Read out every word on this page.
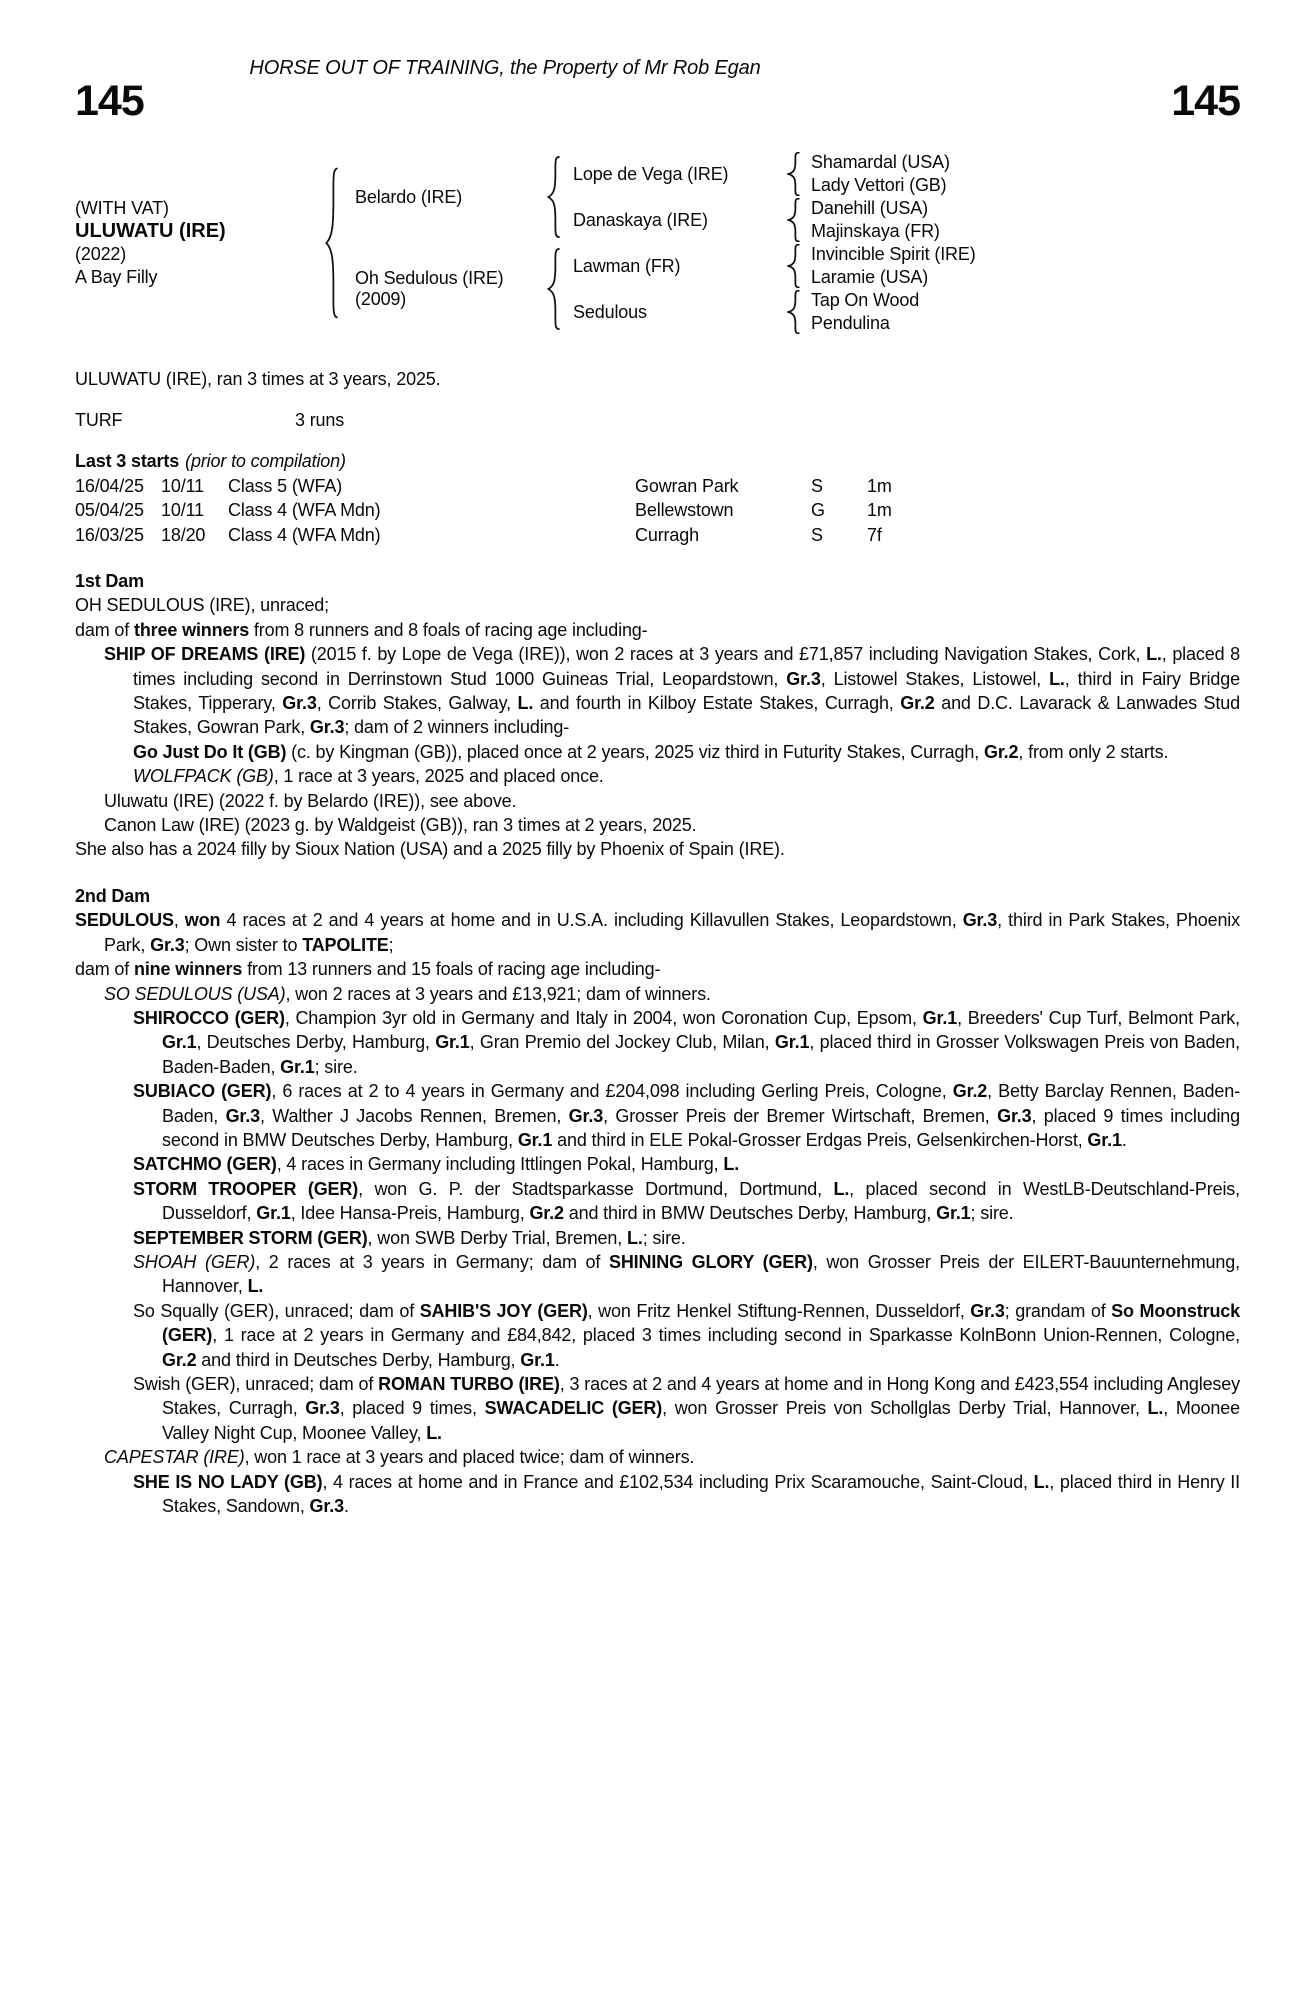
HORSE OUT OF TRAINING, the Property of Mr Rob Egan
145	145
(WITH VAT)
ULUWATU (IRE)
(2022)
A Bay Filly
Belardo (IRE)
Oh Sedulous (IRE)
(2009)
Lope de Vega (IRE)
Shamardal (USA)
Lady Vettori (GB)
Danaskaya (IRE)
Danehill (USA)
Majinskaya (FR)
Lawman (FR)
Invincible Spirit (IRE)
Laramie (USA)
Sedulous
Tap On Wood
Pendulina
ULUWATU (IRE), ran 3 times at 3 years, 2025.
TURF	3 runs
Last 3 starts (prior to compilation)
16/04/25 10/11	Class 5 (WFA)	Gowran Park	S	1m
05/04/25 10/11	Class 4 (WFA Mdn)	Bellewstown	G	1m
16/03/25 18/20	Class 4 (WFA Mdn)	Curragh	S	7f
1st Dam
OH SEDULOUS (IRE), unraced;
dam of three winners from 8 runners and 8 foals of racing age including-
SHIP OF DREAMS (IRE) (2015 f. by Lope de Vega (IRE)), won 2 races at 3 years and £71,857 including Navigation Stakes, Cork, L., placed 8 times including second in Derrinstown Stud 1000 Guineas Trial, Leopardstown, Gr.3, Listowel Stakes, Listowel, L., third in Fairy Bridge Stakes, Tipperary, Gr.3, Corrib Stakes, Galway, L. and fourth in Kilboy Estate Stakes, Curragh, Gr.2 and D.C. Lavarack & Lanwades Stud Stakes, Gowran Park, Gr.3; dam of 2 winners including-
Go Just Do It (GB) (c. by Kingman (GB)), placed once at 2 years, 2025 viz third in Futurity Stakes, Curragh, Gr.2, from only 2 starts.
WOLFPACK (GB), 1 race at 3 years, 2025 and placed once.
Uluwatu (IRE) (2022 f. by Belardo (IRE)), see above.
Canon Law (IRE) (2023 g. by Waldgeist (GB)), ran 3 times at 2 years, 2025.
She also has a 2024 filly by Sioux Nation (USA) and a 2025 filly by Phoenix of Spain (IRE).
2nd Dam
SEDULOUS, won 4 races at 2 and 4 years at home and in U.S.A. including Killavullen Stakes, Leopardstown, Gr.3, third in Park Stakes, Phoenix Park, Gr.3; Own sister to TAPOLITE;
dam of nine winners from 13 runners and 15 foals of racing age including-
SO SEDULOUS (USA), won 2 races at 3 years and £13,921; dam of winners.
SHIROCCO (GER), Champion 3yr old in Germany and Italy in 2004, won Coronation Cup, Epsom, Gr.1, Breeders' Cup Turf, Belmont Park, Gr.1, Deutsches Derby, Hamburg, Gr.1, Gran Premio del Jockey Club, Milan, Gr.1, placed third in Grosser Volkswagen Preis von Baden, Baden-Baden, Gr.1; sire.
SUBIACO (GER), 6 races at 2 to 4 years in Germany and £204,098 including Gerling Preis, Cologne, Gr.2, Betty Barclay Rennen, Baden-Baden, Gr.3, Walther J Jacobs Rennen, Bremen, Gr.3, Grosser Preis der Bremer Wirtschaft, Bremen, Gr.3, placed 9 times including second in BMW Deutsches Derby, Hamburg, Gr.1 and third in ELE Pokal-Grosser Erdgas Preis, Gelsenkirchen-Horst, Gr.1.
SATCHMO (GER), 4 races in Germany including Ittlingen Pokal, Hamburg, L.
STORM TROOPER (GER), won G. P. der Stadtsparkasse Dortmund, Dortmund, L., placed second in WestLB-Deutschland-Preis, Dusseldorf, Gr.1, Idee Hansa-Preis, Hamburg, Gr.2 and third in BMW Deutsches Derby, Hamburg, Gr.1; sire.
SEPTEMBER STORM (GER), won SWB Derby Trial, Bremen, L.; sire.
SHOAH (GER), 2 races at 3 years in Germany; dam of SHINING GLORY (GER), won Grosser Preis der EILERT-Bauunternehmung, Hannover, L.
So Squally (GER), unraced; dam of SAHIB'S JOY (GER), won Fritz Henkel Stiftung-Rennen, Dusseldorf, Gr.3; grandam of So Moonstruck (GER), 1 race at 2 years in Germany and £84,842, placed 3 times including second in Sparkasse KolnBonn Union-Rennen, Cologne, Gr.2 and third in Deutsches Derby, Hamburg, Gr.1.
Swish (GER), unraced; dam of ROMAN TURBO (IRE), 3 races at 2 and 4 years at home and in Hong Kong and £423,554 including Anglesey Stakes, Curragh, Gr.3, placed 9 times, SWACADELIC (GER), won Grosser Preis von Schollglas Derby Trial, Hannover, L., Moonee Valley Night Cup, Moonee Valley, L.
CAPESTAR (IRE), won 1 race at 3 years and placed twice; dam of winners.
SHE IS NO LADY (GB), 4 races at home and in France and £102,534 including Prix Scaramouche, Saint-Cloud, L., placed third in Henry II Stakes, Sandown, Gr.3.
